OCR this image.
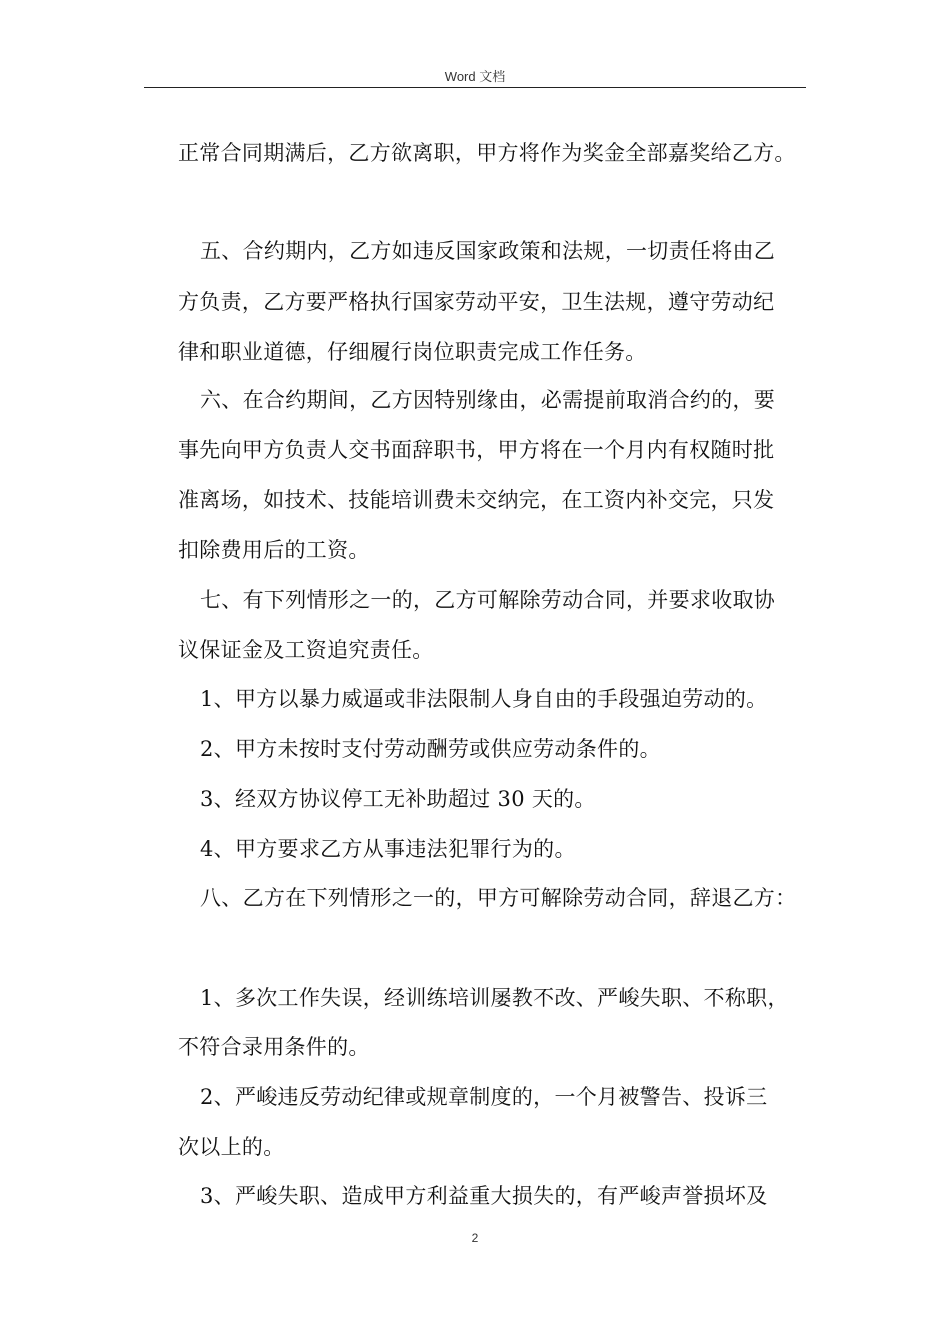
Word 文档
正常合同期满后，乙方欲离职，甲方将作为奖金全部嘉奖给乙方。
五、合约期内，乙方如违反国家政策和法规，一切责任将由乙
方负责，乙方要严格执行国家劳动平安，卫生法规，遵守劳动纪
律和职业道德，仔细履行岗位职责完成工作任务。
六、在合约期间，乙方因特别缘由，必需提前取消合约的，要
事先向甲方负责人交书面辞职书，甲方将在一个月内有权随时批
准离场，如技术、技能培训费未交纳完，在工资内补交完，只发
扣除费用后的工资。
七、有下列情形之一的，乙方可解除劳动合同，并要求收取协
议保证金及工资追究责任。
1、甲方以暴力威逼或非法限制人身自由的手段强迫劳动的。
2、甲方未按时支付劳动酬劳或供应劳动条件的。
3、经双方协议停工无补助超过 30 天的。
4、甲方要求乙方从事违法犯罪行为的。
八、乙方在下列情形之一的，甲方可解除劳动合同，辞退乙方：
1、多次工作失误，经训练培训屡教不改、严峻失职、不称职，
不符合录用条件的。
2、严峻违反劳动纪律或规章制度的，一个月被警告、投诉三
次以上的。
3、严峻失职、造成甲方利益重大损失的，有严峻声誉损坏及
2
